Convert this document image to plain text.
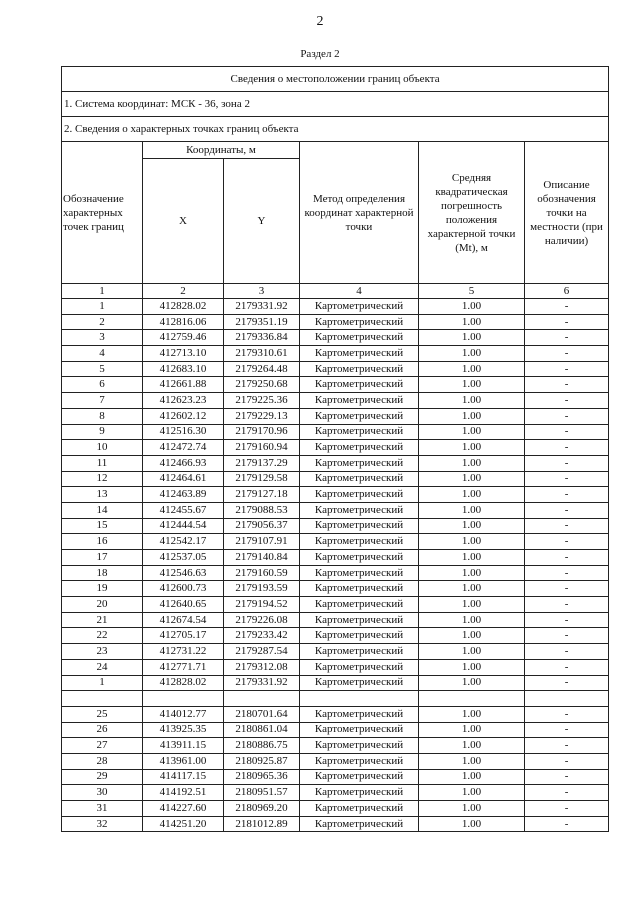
2
Раздел 2
Сведения о местоположении границ объекта					
1. Система координат: МСК - 36, зона 2					
2. Сведения о характерных точках границ объекта					
Обозначение характерных точек границ	Координаты, м		Метод определения координат характерной точки	Средняя квадратическая погрешность положения характерной точки (Mt), м	Описание обозначения точки на местности (при наличии)
	X	Y			
1	2	3	4	5	6
1	412828.02	2179331.92	Картометрический	1.00	-
2	412816.06	2179351.19	Картометрический	1.00	-
3	412759.46	2179336.84	Картометрический	1.00	-
4	412713.10	2179310.61	Картометрический	1.00	-
5	412683.10	2179264.48	Картометрический	1.00	-
6	412661.88	2179250.68	Картометрический	1.00	-
7	412623.23	2179225.36	Картометрический	1.00	-
8	412602.12	2179229.13	Картометрический	1.00	-
9	412516.30	2179170.96	Картометрический	1.00	-
10	412472.74	2179160.94	Картометрический	1.00	-
11	412466.93	2179137.29	Картометрический	1.00	-
12	412464.61	2179129.58	Картометрический	1.00	-
13	412463.89	2179127.18	Картометрический	1.00	-
14	412455.67	2179088.53	Картометрический	1.00	-
15	412444.54	2179056.37	Картометрический	1.00	-
16	412542.17	2179107.91	Картометрический	1.00	-
17	412537.05	2179140.84	Картометрический	1.00	-
18	412546.63	2179160.59	Картометрический	1.00	-
19	412600.73	2179193.59	Картометрический	1.00	-
20	412640.65	2179194.52	Картометрический	1.00	-
21	412674.54	2179226.08	Картометрический	1.00	-
22	412705.17	2179233.42	Картометрический	1.00	-
23	412731.22	2179287.54	Картометрический	1.00	-
24	412771.71	2179312.08	Картометрический	1.00	-
1	412828.02	2179331.92	Картометрический	1.00	-

25	414012.77	2180701.64	Картометрический	1.00	-
26	413925.35	2180861.04	Картометрический	1.00	-
27	413911.15	2180886.75	Картометрический	1.00	-
28	413961.00	2180925.87	Картометрический	1.00	-
29	414117.15	2180965.36	Картометрический	1.00	-
30	414192.51	2180951.57	Картометрический	1.00	-
31	414227.60	2180969.20	Картометрический	1.00	-
32	414251.20	2181012.89	Картометрический	1.00	-
